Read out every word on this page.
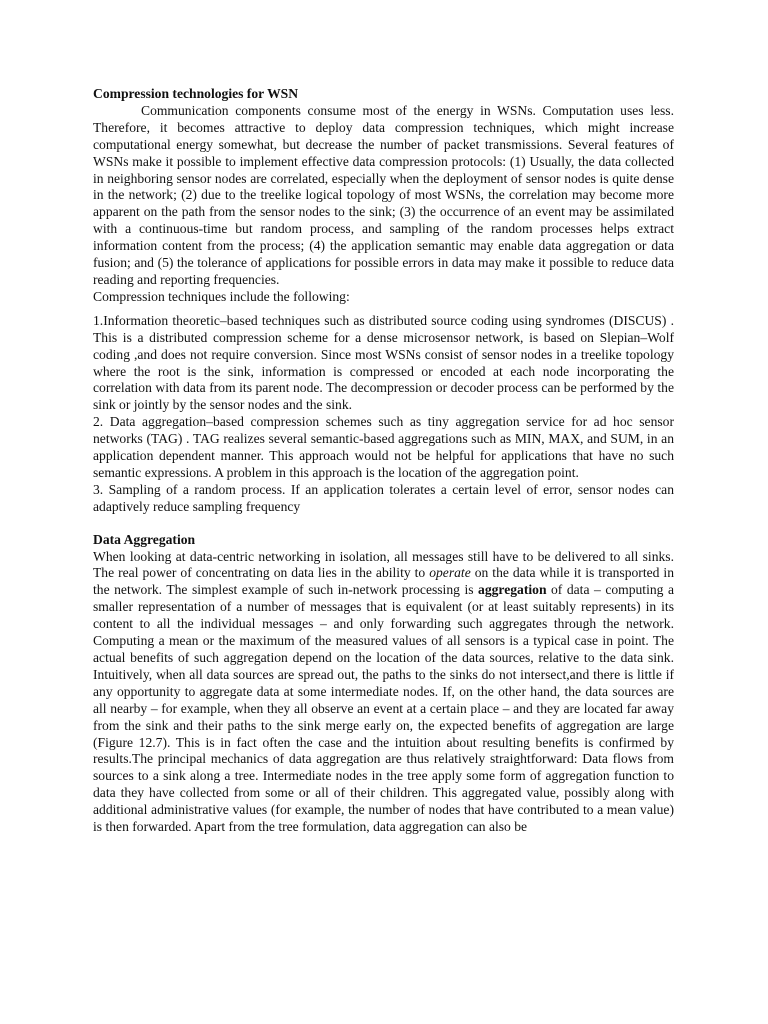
Compression technologies for WSN

Communication components consume most of the energy in WSNs. Computation uses less. Therefore, it becomes attractive to deploy data compression techniques, which might increase computational energy somewhat, but decrease the number of packet transmissions. Several features of WSNs make it possible to implement effective data compression protocols: (1) Usually, the data collected in neighboring sensor nodes are correlated, especially when the deployment of sensor nodes is quite dense in the network; (2) due to the treelike logical topology of most WSNs, the correlation may become more apparent on the path from the sensor nodes to the sink; (3) the occurrence of an event may be assimilated with a continuous-time but random process, and sampling of the random processes helps extract information content from the process; (4) the application semantic may enable data aggregation or data fusion; and (5) the tolerance of applications for possible errors in data may make it possible to reduce data reading and reporting frequencies.

Compression techniques include the following:

1.Information theoretic–based techniques such as distributed source coding using syndromes (DISCUS) . This is a distributed compression scheme for a dense microsensor network, is based on Slepian–Wolf coding ,and does not require conversion. Since most WSNs consist of sensor nodes in a treelike topology where the root is the sink, information is compressed or encoded at each node incorporating the correlation with data from its parent node. The decompression or decoder process can be performed by the sink or jointly by the sensor nodes and the sink.

2. Data aggregation–based compression schemes such as tiny aggregation service for ad hoc sensor networks (TAG) . TAG realizes several semantic-based aggregations such as MIN, MAX, and SUM, in an application dependent manner. This approach would not be helpful for applications that have no such semantic expressions. A problem in this approach is the location of the aggregation point.

3. Sampling of a random process. If an application tolerates a certain level of error, sensor nodes can adaptively reduce sampling frequency

Data Aggregation

When looking at data-centric networking in isolation, all messages still have to be delivered to all sinks. The real power of concentrating on data lies in the ability to operate on the data while it is transported in the network. The simplest example of such in-network processing is aggregation of data – computing a smaller representation of a number of messages that is equivalent (or at least suitably represents) in its content to all the individual messages – and only forwarding such aggregates through the network. Computing a mean or the maximum of the measured values of all sensors is a typical case in point. The actual benefits of such aggregation depend on the location of the data sources, relative to the data sink. Intuitively, when all data sources are spread out, the paths to the sinks do not intersect,and there is little if any opportunity to aggregate data at some intermediate nodes. If, on the other hand, the data sources are all nearby – for example, when they all observe an event at a certain place – and they are located far away from the sink and their paths to the sink merge early on, the expected benefits of aggregation are large (Figure 12.7). This is in fact often the case and the intuition about resulting benefits is confirmed by results.The principal mechanics of data aggregation are thus relatively straightforward: Data flows from sources to a sink along a tree. Intermediate nodes in the tree apply some form of aggregation function to data they have collected from some or all of their children. This aggregated value, possibly along with additional administrative values (for example, the number of nodes that have contributed to a mean value) is then forwarded. Apart from the tree formulation, data aggregation can also be
